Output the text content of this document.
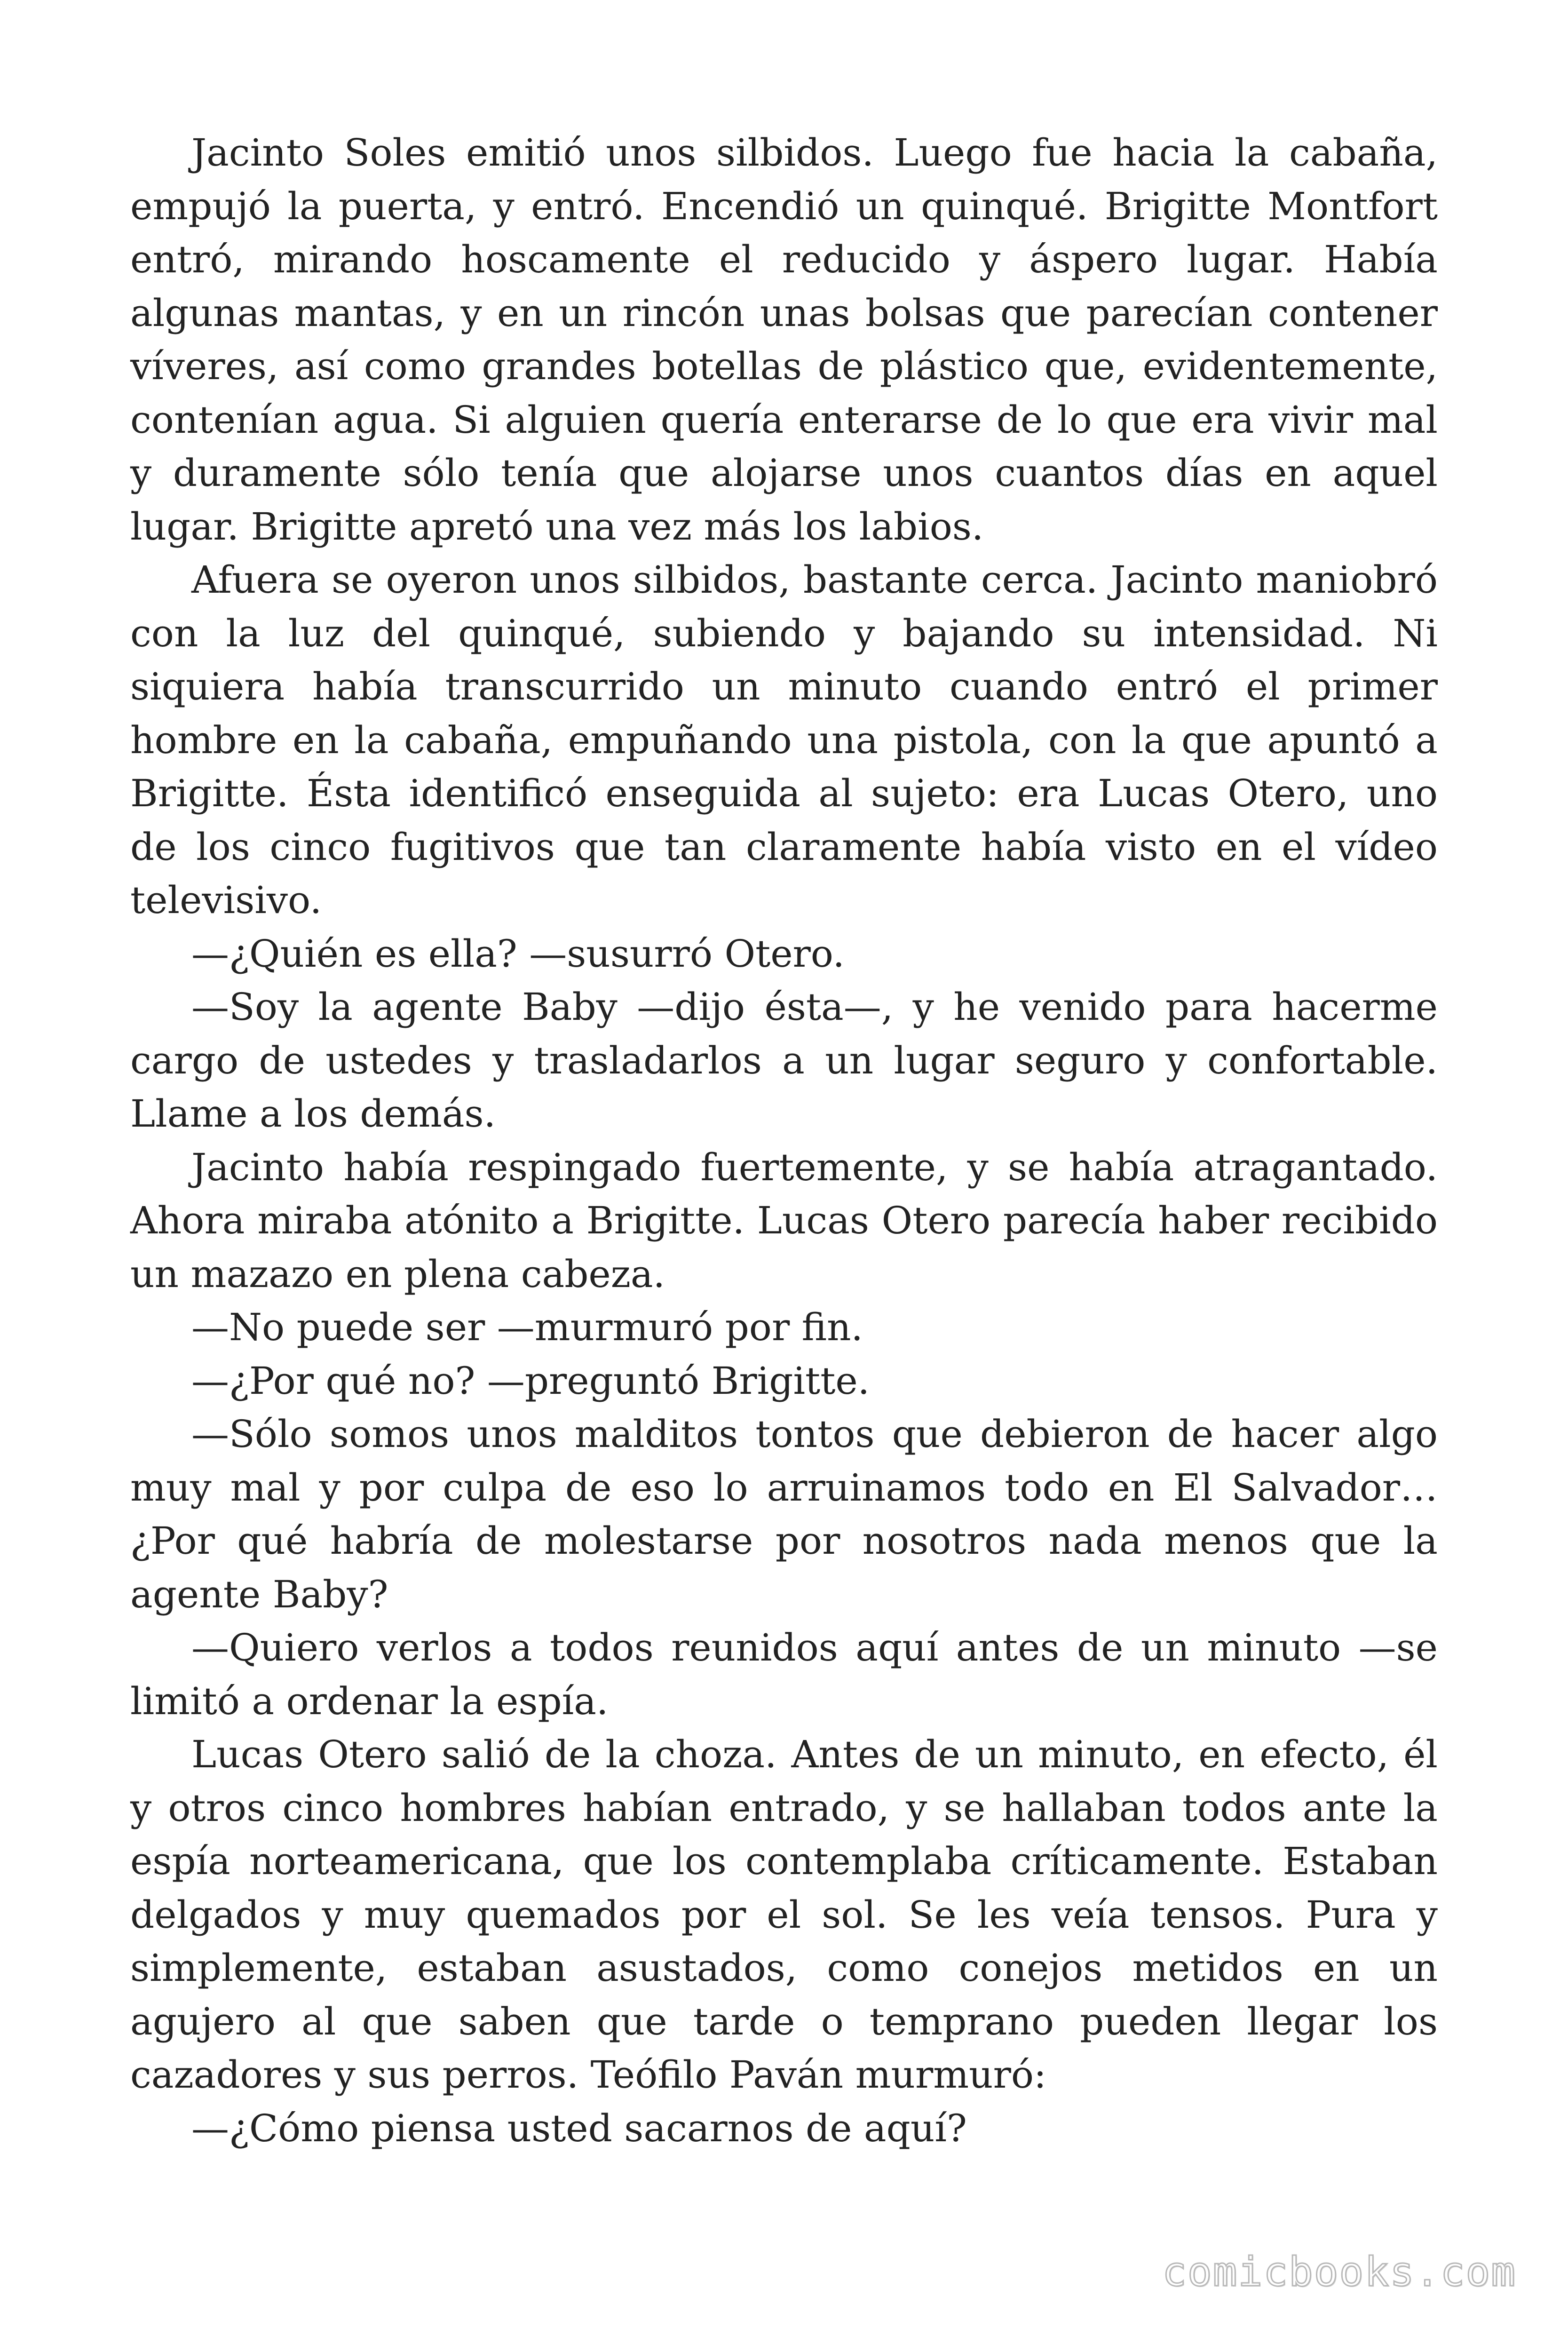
Jacinto Soles emitió unos silbidos. Luego fue hacia la cabaña, empujó la puerta, y entró. Encendió un quinqué. Brigitte Montfort entró, mirando hoscamente el reducido y áspero lugar. Había algunas mantas, y en un rincón unas bolsas que parecían contener víveres, así como grandes botellas de plástico que, evidentemente, contenían agua. Si alguien quería enterarse de lo que era vivir mal y duramente sólo tenía que alojarse unos cuantos días en aquel lugar. Brigitte apretó una vez más los labios.

Afuera se oyeron unos silbidos, bastante cerca. Jacinto maniobró con la luz del quinqué, subiendo y bajando su intensidad. Ni siquiera había transcurrido un minuto cuando entró el primer hombre en la cabaña, empuñando una pistola, con la que apuntó a Brigitte. Ésta identificó enseguida al sujeto: era Lucas Otero, uno de los cinco fugitivos que tan claramente había visto en el vídeo televisivo.

—¿Quién es ella? —susurró Otero.

—Soy la agente Baby —dijo ésta—, y he venido para hacerme cargo de ustedes y trasladarlos a un lugar seguro y confortable. Llame a los demás.

Jacinto había respingado fuertemente, y se había atragantado. Ahora miraba atónito a Brigitte. Lucas Otero parecía haber recibido un mazazo en plena cabeza.

—No puede ser —murmuró por fin.

—¿Por qué no? —preguntó Brigitte.

—Sólo somos unos malditos tontos que debieron de hacer algo muy mal y por culpa de eso lo arruinamos todo en El Salvador… ¿Por qué habría de molestarse por nosotros nada menos que la agente Baby?

—Quiero verlos a todos reunidos aquí antes de un minuto —se limitó a ordenar la espía.

Lucas Otero salió de la choza. Antes de un minuto, en efecto, él y otros cinco hombres habían entrado, y se hallaban todos ante la espía norteamericana, que los contemplaba críticamente. Estaban delgados y muy quemados por el sol. Se les veía tensos. Pura y simplemente, estaban asustados, como conejos metidos en un agujero al que saben que tarde o temprano pueden llegar los cazadores y sus perros. Teófilo Paván murmuró:

—¿Cómo piensa usted sacarnos de aquí?

comicbooks.com
